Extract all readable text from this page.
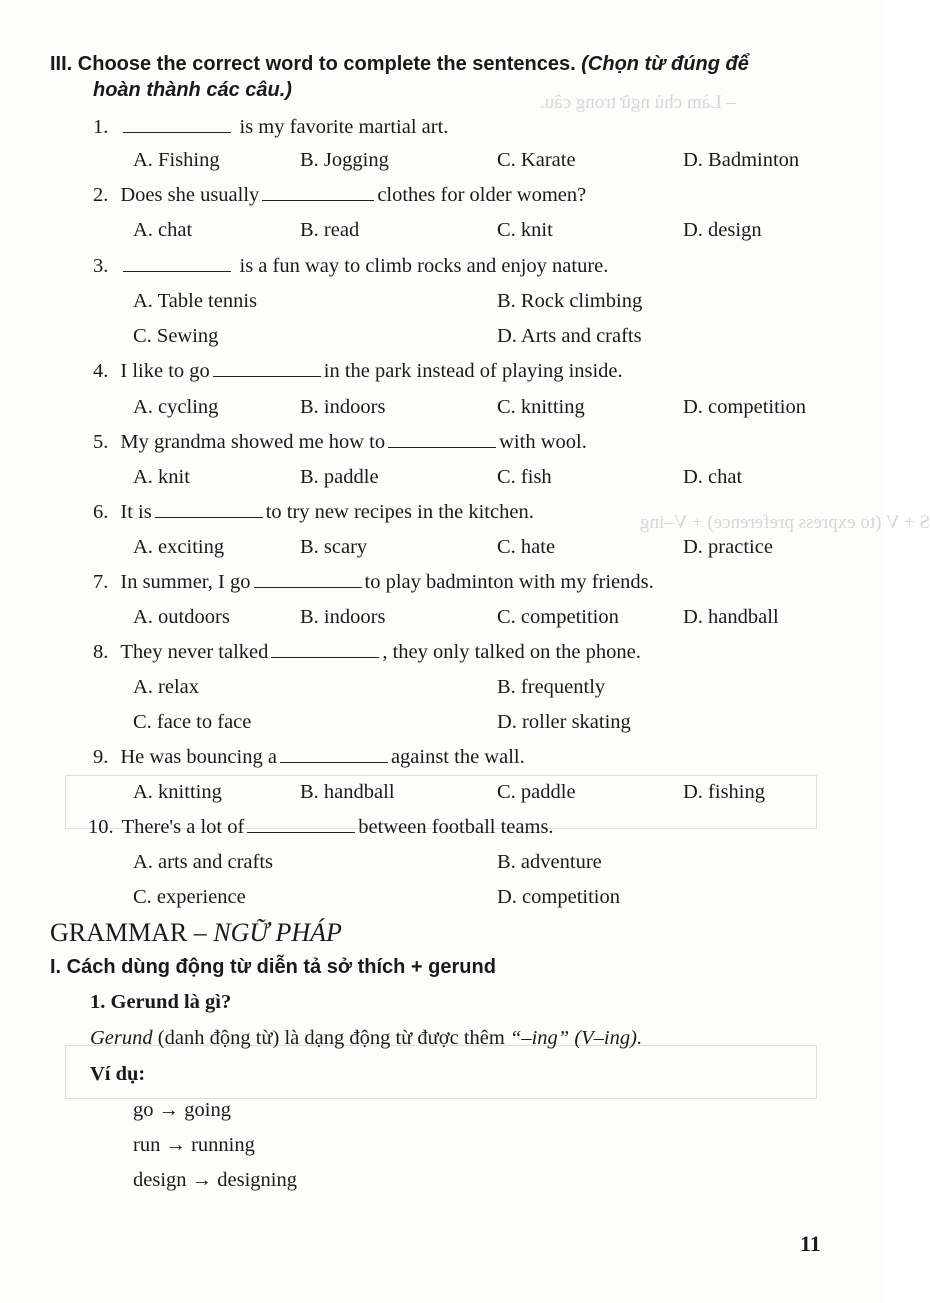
– Làm chủ ngữ trong câu.
S + V (to express preference) + V–ing
III. Choose the correct word to complete the sentences. (Chọn từ đúng để
hoàn thành các câu.)
1.	is my favorite martial art.
A. Fishing	B. Jogging	C. Karate	D. Badminton
2. Does she usually	clothes for older women?
A. chat	B. read	C. knit	D. design
3.	is a fun way to climb rocks and enjoy nature.
A. Table tennis	B. Rock climbing
C. Sewing	D. Arts and crafts
4. I like to go	in the park instead of playing inside.
A. cycling	B. indoors	C. knitting	D. competition
5. My grandma showed me how to	with wool.
A. knit	B. paddle	C. fish	D. chat
6. It is	to try new recipes in the kitchen.
A. exciting	B. scary	C. hate	D. practice
7. In summer, I go	to play badminton with my friends.
A. outdoors	B. indoors	C. competition	D. handball
8. They never talked	, they only talked on the phone.
A. relax	B. frequently
C. face to face	D. roller skating
9. He was bouncing a	against the wall.
A. knitting	B. handball	C. paddle	D. fishing
10. There's a lot of	between football teams.
A. arts and crafts	B. adventure
C. experience	D. competition
GRAMMAR – NGỮ PHÁP
I. Cách dùng động từ diễn tả sở thích + gerund
1. Gerund là gì?
Gerund (danh động từ) là dạng động từ được thêm “–ing” (V–ing).
Ví dụ:
go → going
run → running
design → designing
11
